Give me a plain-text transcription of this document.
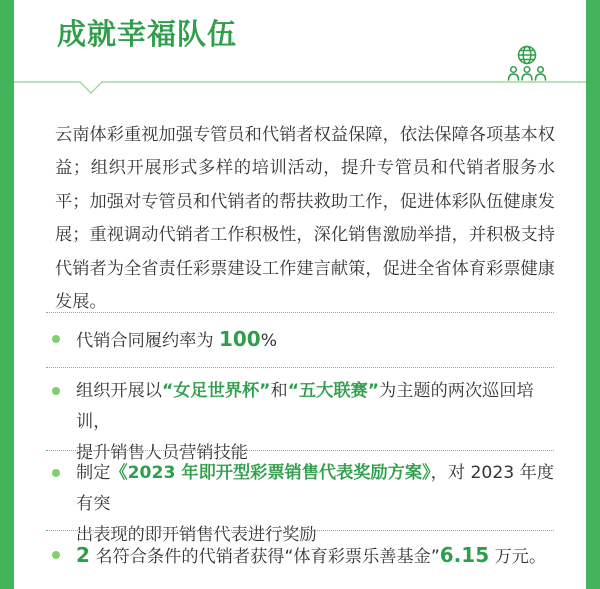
成就幸福队伍

云南体彩重视加强专管员和代销者权益保障，依法保障各项基本权益；组织开展形式多样的培训活动，提升专管员和代销者服务水平；加强对专管员和代销者的帮扶救助工作，促进体彩队伍健康发展；重视调动代销者工作积极性，深化销售激励举措，并积极支持代销者为全省责任彩票建设工作建言献策，促进全省体育彩票健康发展。

代销合同履约率为 100%

组织开展以“女足世界杯”和“五大联赛”为主题的两次巡回培训，
提升销售人员营销技能

制定《2023 年即开型彩票销售代表奖励方案》，对 2023 年度有突
出表现的即开销售代表进行奖励

2 名符合条件的代销者获得“体育彩票乐善基金”6.15 万元。
